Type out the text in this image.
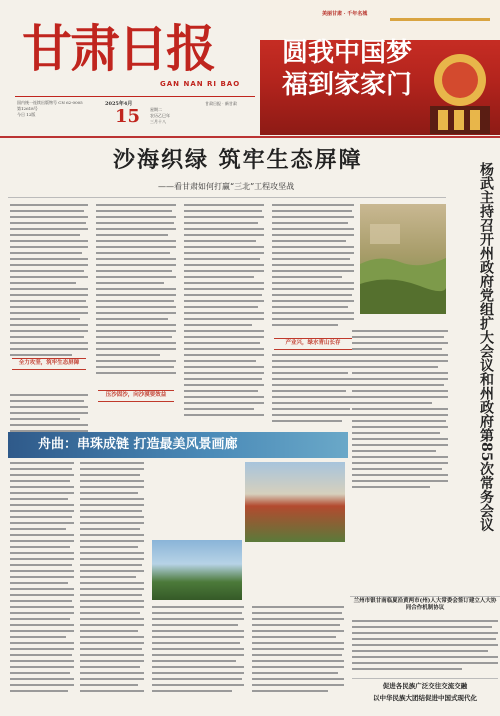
甘肃日报
GAN NAN RI BAO
国内统一连续出版物号 CN 62-0005
第12618号
今日 12版
2025年4月
15 星期二
农历乙巳年
三月十八
甘肃日报 · 新甘肃
美丽甘肃 · 千年名城
圆我中国梦
福到家家门
沙海织绿 筑牢生态屏障
——看甘肃如何打赢“三北”工程攻坚战
全力攻坚，筑牢生态屏障
压沙固沙，向沙漠要效益
产业兴，绿水青山长存	杨武主持召开州政府党组扩大会议和州政府第85次常务会议
舟曲：串珠成链 打造最美风景画廊
兰州市银甘南临夏沿黄两市(州)人大常委会签订建立人大协同合作机制协议
促进各民族广泛交往交流交融
以中华民族大团结促进中国式现代化
